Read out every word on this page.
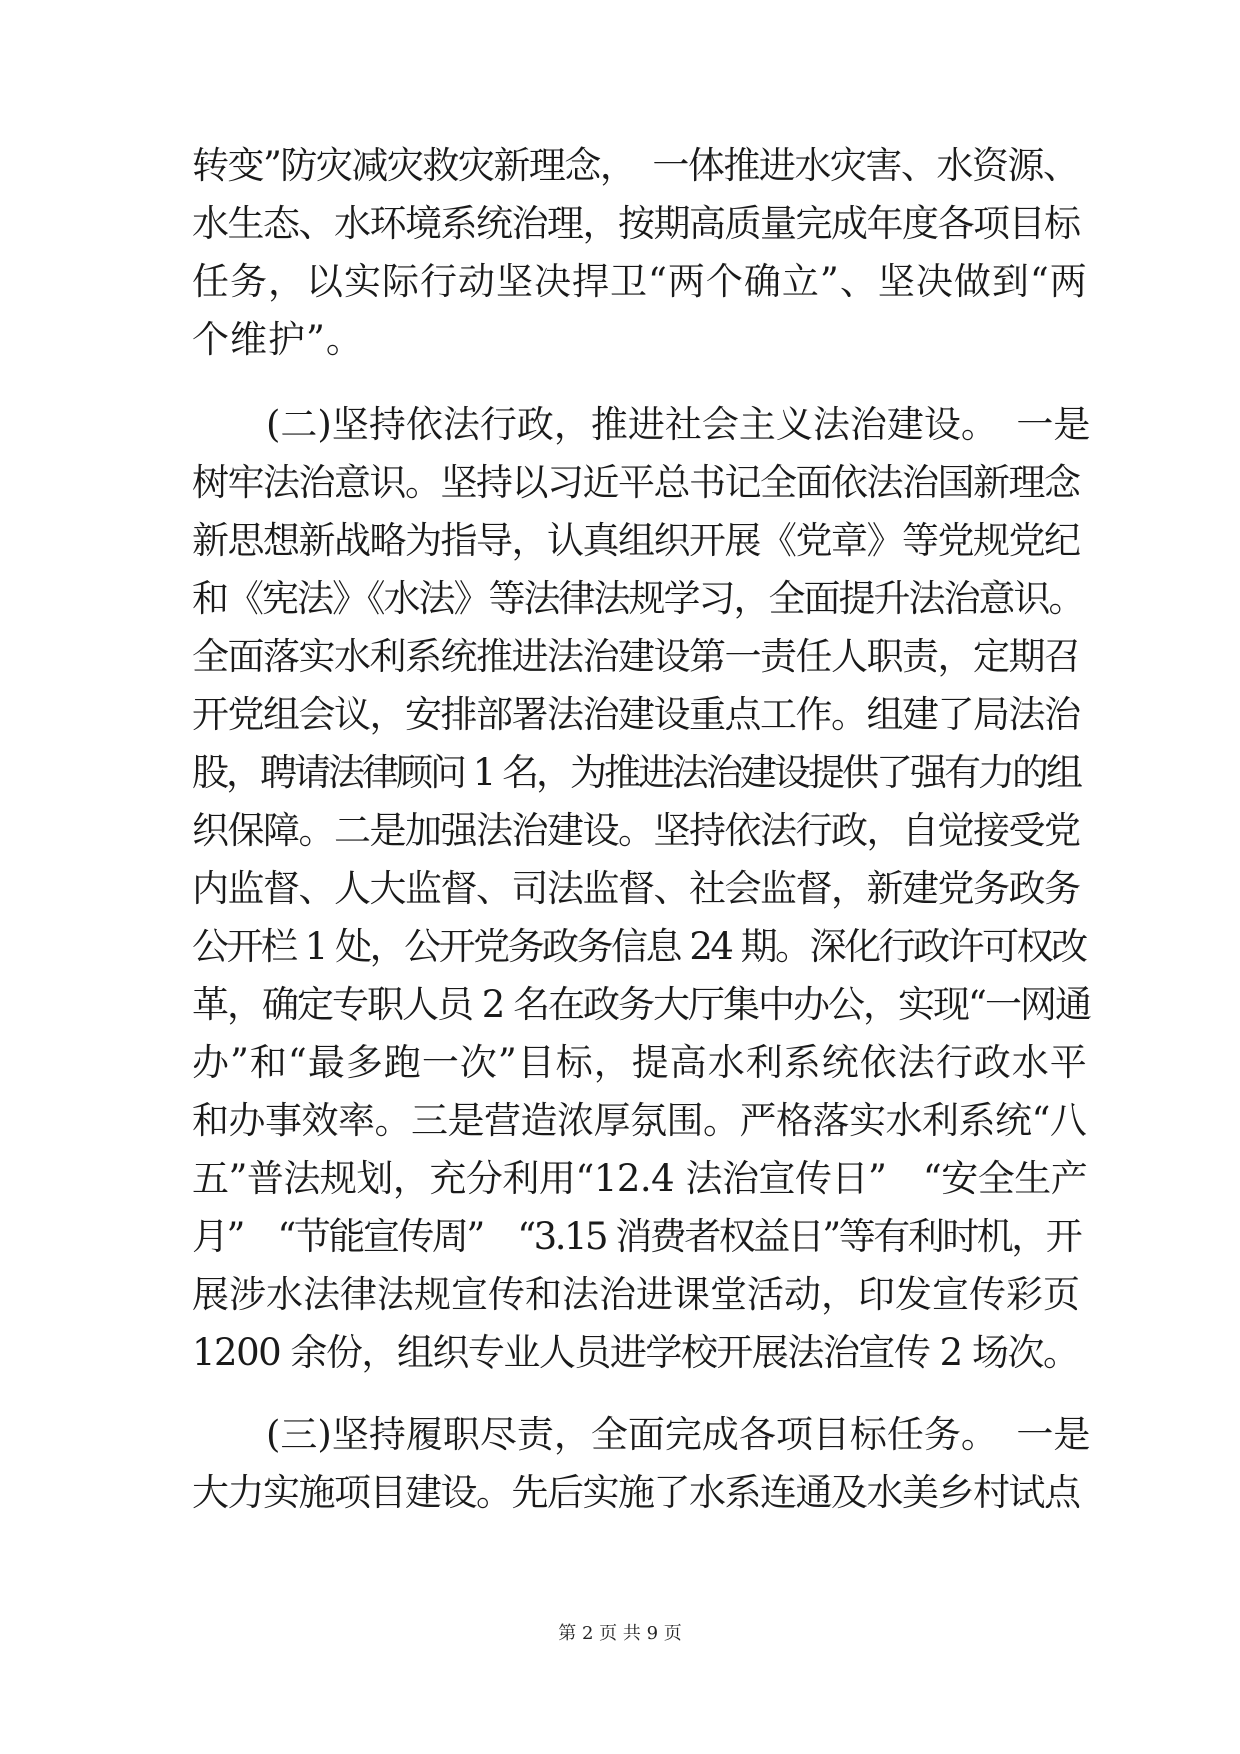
转变”防灾减灾救灾新理念，　一体推进水灾害、水资源、
水生态、水环境系统治理，按期高质量完成年度各项目标
任务，以实际行动坚决捍卫“两个确立”、坚决做到“两
个维护”。
　　(二)坚持依法行政，推进社会主义法治建设。　一是
树牢法治意识。坚持以习近平总书记全面依法治国新理念
新思想新战略为指导，认真组织开展《党章》等党规党纪
和《宪法》《水法》等法律法规学习，全面提升法治意识。
全面落实水利系统推进法治建设第一责任人职责，定期召
开党组会议，安排部署法治建设重点工作。组建了局法治
股，聘请法律顾问 1 名，为推进法治建设提供了强有力的组
织保障。二是加强法治建设。坚持依法行政，自觉接受党
内监督、人大监督、司法监督、社会监督，新建党务政务
公开栏 1 处，公开党务政务信息 24 期。深化行政许可权改
革，确定专职人员 2 名在政务大厅集中办公，实现“一网通
办”和“最多跑一次”目标，提高水利系统依法行政水平
和办事效率。三是营造浓厚氛围。严格落实水利系统“八
五”普法规划，充分利用“12.4 法治宣传日”　“安全生产
月”　“节能宣传周”　“3.15 消费者权益日”等有利时机，开
展涉水法律法规宣传和法治进课堂活动，印发宣传彩页
1200 余份，组织专业人员进学校开展法治宣传 2 场次。
　　(三)坚持履职尽责，全面完成各项目标任务。　一是
大力实施项目建设。先后实施了水系连通及水美乡村试点
第 2 页 共 9 页
